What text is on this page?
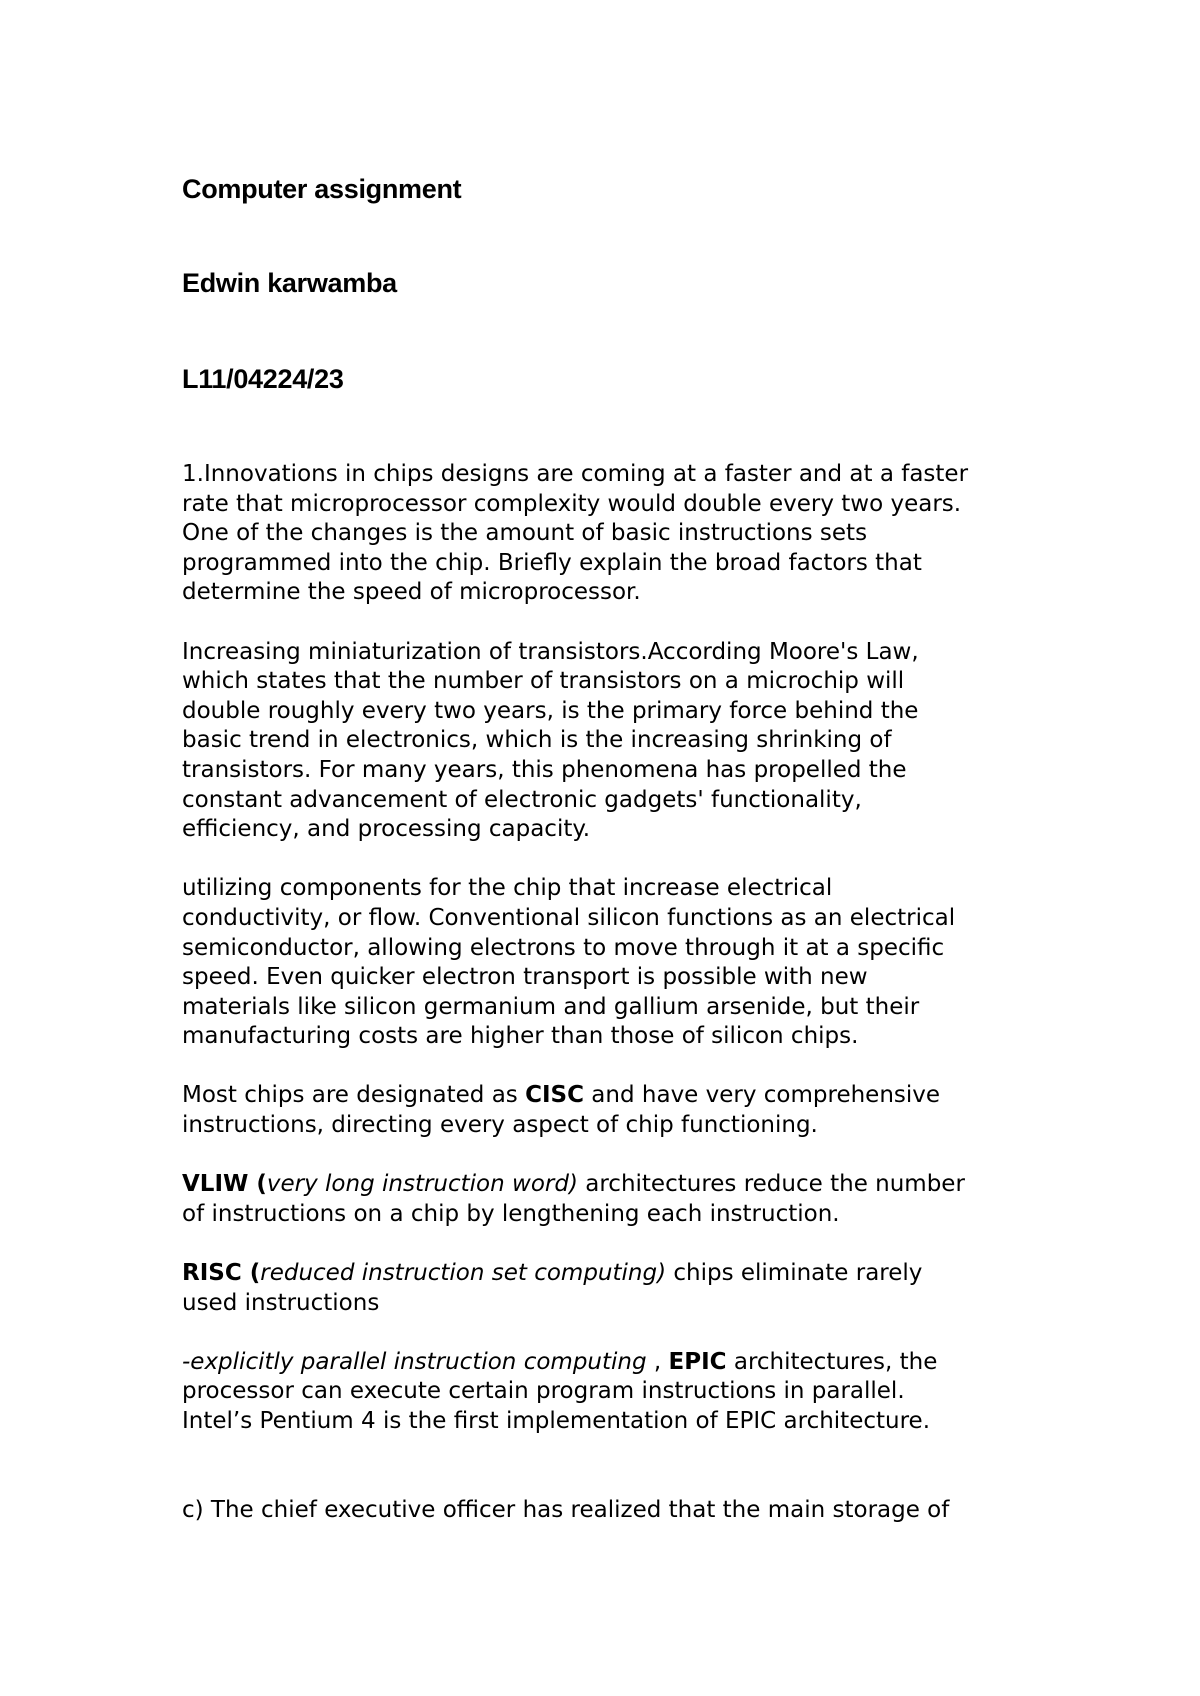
Computer assignment
Edwin karwamba
L11/04224/23

1.Innovations in chips designs are coming at a faster and at a faster
rate that microprocessor complexity would double every two years.
One of the changes is the amount of basic instructions sets
programmed into the chip. Briefly explain the broad factors that
determine the speed of microprocessor.

Increasing miniaturization of transistors.According Moore's Law,
which states that the number of transistors on a microchip will
double roughly every two years, is the primary force behind the
basic trend in electronics, which is the increasing shrinking of
transistors. For many years, this phenomena has propelled the
constant advancement of electronic gadgets' functionality,
efficiency, and processing capacity.

utilizing components for the chip that increase electrical
conductivity, or flow. Conventional silicon functions as an electrical
semiconductor, allowing electrons to move through it at a specific
speed. Even quicker electron transport is possible with new
materials like silicon germanium and gallium arsenide, but their
manufacturing costs are higher than those of silicon chips.

Most chips are designated as CISC and have very comprehensive
instructions, directing every aspect of chip functioning.

VLIW (very long instruction word) architectures reduce the number
of instructions on a chip by lengthening each instruction.

RISC (reduced instruction set computing) chips eliminate rarely
used instructions

-explicitly parallel instruction computing , EPIC architectures, the
processor can execute certain program instructions in parallel.
Intel’s Pentium 4 is the first implementation of EPIC architecture.

c) The chief executive officer has realized that the main storage of
